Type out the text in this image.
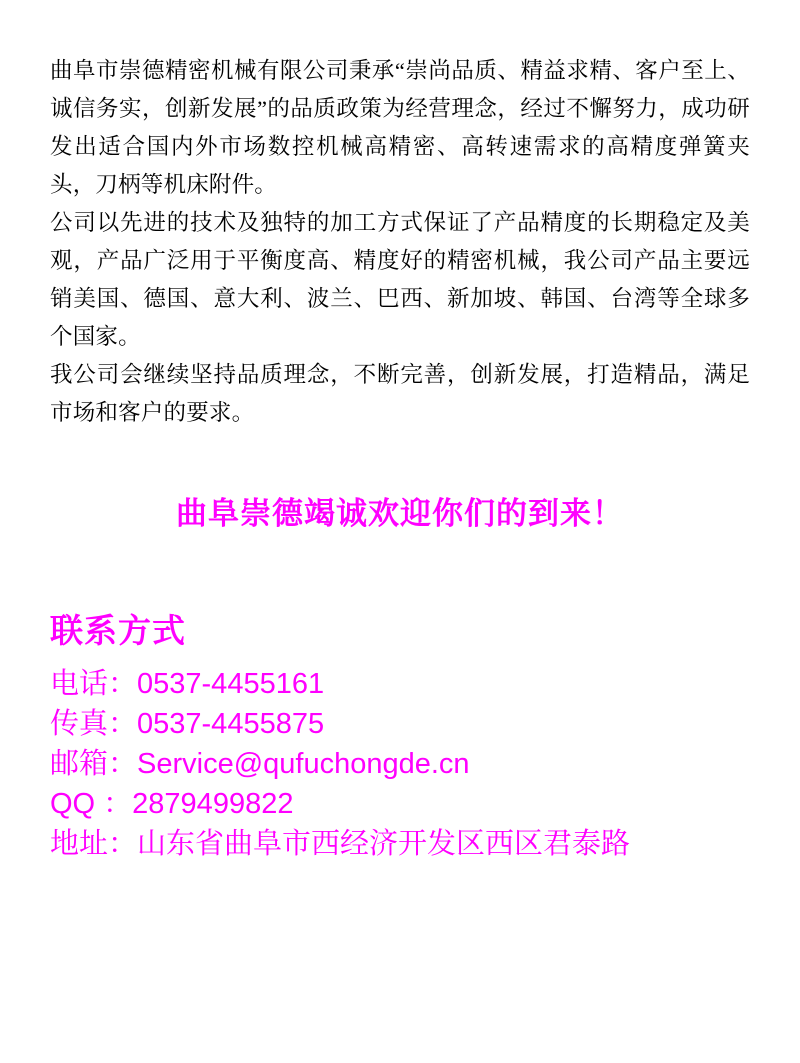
曲阜市崇德精密机械有限公司秉承“崇尚品质、精益求精、客户至上、诚信务实，创新发展”的品质政策为经营理念，经过不懈努力，成功研发出适合国内外市场数控机械高精密、高转速需求的高精度弹簧夹头，刀柄等机床附件。

公司以先进的技术及独特的加工方式保证了产品精度的长期稳定及美观，产品广泛用于平衡度高、精度好的精密机械，我公司产品主要远销美国、德国、意大利、波兰、巴西、新加坡、韩国、台湾等全球多个国家。

我公司会继续坚持品质理念，不断完善，创新发展，打造精品，满足市场和客户的要求。

曲阜崇德竭诚欢迎你们的到来！
联系方式
电话：0537-4455161
传真：0537-4455875
邮箱：Service@qufuchongde.cn
QQ ：2879499822
地址：山东省曲阜市西经济开发区西区君泰路
